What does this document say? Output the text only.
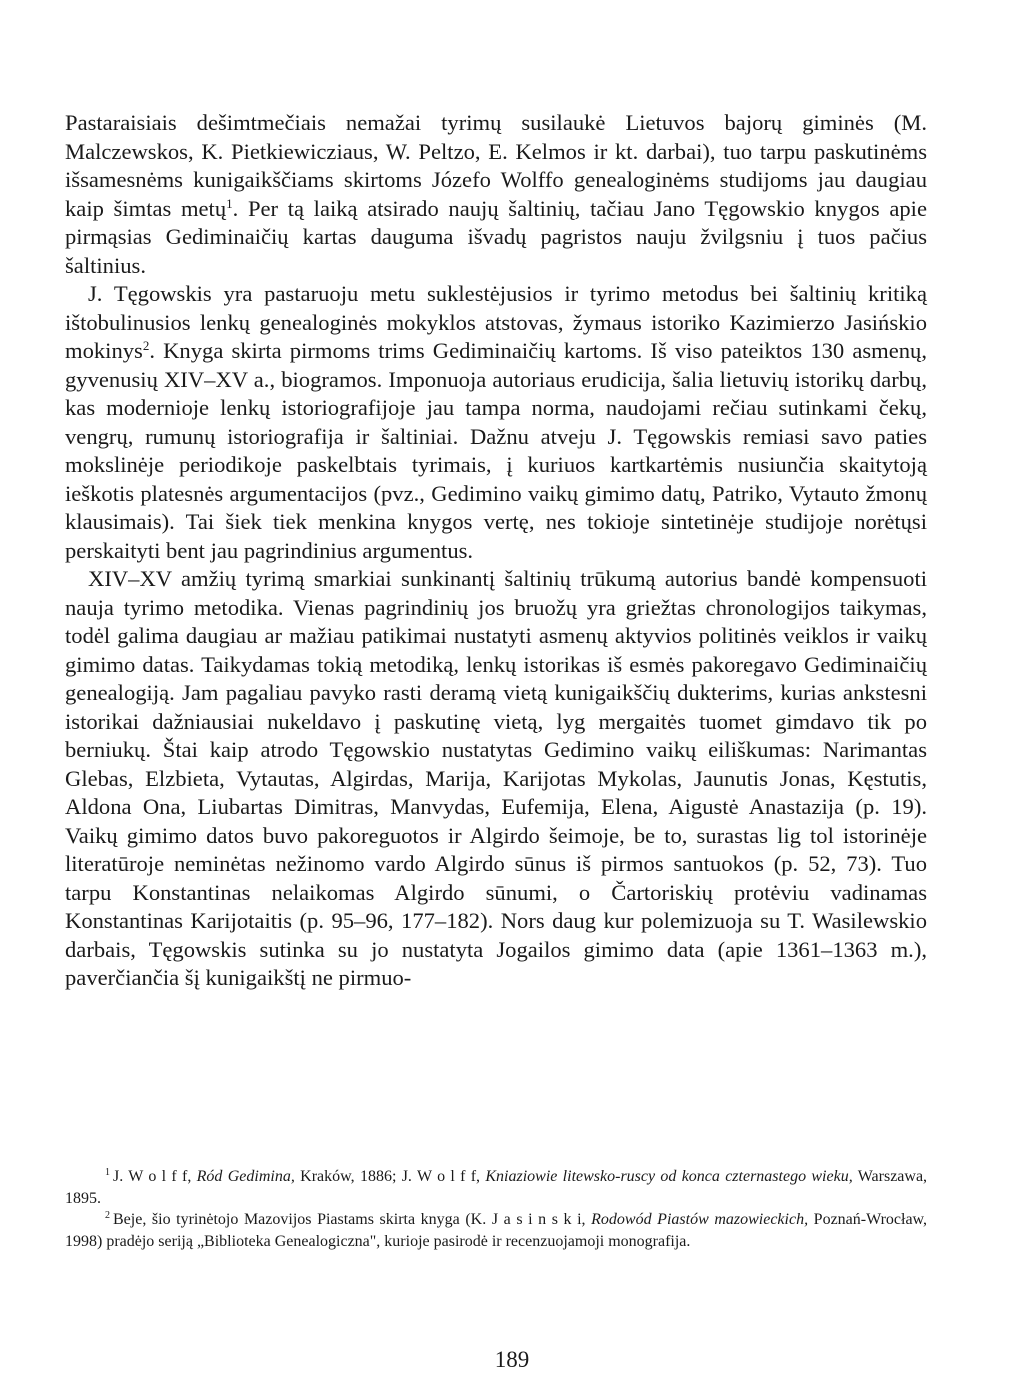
Pastaraisiais dešimtmečiais nemažai tyrimų susilaukė Lietuvos bajorų giminės (M. Malczewskos, K. Pietkiewicziaus, W. Peltzo, E. Kelmos ir kt. darbai), tuo tarpu paskutinėms išsamesnėms kunigaikščiams skirtoms Józefo Wolffo genealoginėms studijoms jau daugiau kaip šimtas metų$^1$. Per tą laiką atsirado naujų šaltinių, tačiau Jano Tęgowskio knygos apie pirmąsias Gediminaičių kartas dauguma išvadų pagristos nauju žvilgsniu į tuos pačius šaltinius.

J. Tęgowskis yra pastaruoju metu suklestėjusios ir tyrimo metodus bei šaltinių kritiką ištobulinusios lenkų genealoginės mokyklos atstovas, žymaus istoriko Kazimierzo Jasińskio mokinys$^2$. Knyga skirta pirmoms trims Gediminaičių kartoms. Iš viso pateiktos 130 asmenų, gyvenusių XIV–XV a., biogramos. Imponuoja autoriaus erudicija, šalia lietuvių istorikų darbų, kas modernioje lenkų istoriografijoje jau tampa norma, naudojami rečiau sutinkami čekų, vengrų, rumunų istoriografija ir šaltiniai. Dažnu atveju J. Tęgowskis remiasi savo paties mokslinėje periodikoje paskelbtais tyrimais, į kuriuos kartkartėmis nusiunčia skaitytoją ieškotis platesnės argumentacijos (pvz., Gedimino vaikų gimimo datų, Patriko, Vytauto žmonų klausimais). Tai šiek tiek menkina knygos vertę, nes tokioje sintetinėje studijoje norėtųsi perskaityti bent jau pagrindinius argumentus.

XIV–XV amžių tyrimą smarkiai sunkinantį šaltinių trūkumą autorius bandė kompensuoti nauja tyrimo metodika. Vienas pagrindinių jos bruožų yra griežtas chronologijos taikymas, todėl galima daugiau ar mažiau patikimai nustatyti asmenų aktyvios politinės veiklos ir vaikų gimimo datas. Taikydamas tokią metodiką, lenkų istorikas iš esmės pakoregavo Gediminaičių genealogiją. Jam pagaliau pavyko rasti deramą vietą kunigaikščių dukterims, kurias ankstesni istorikai dažniausiai nukeldavo į paskutinę vietą, lyg mergaitės tuomet gimdavo tik po berniukų. Štai kaip atrodo Tęgowskio nustatytas Gedimino vaikų eiliškumas: Narimantas Glebas, Elzbieta, Vytautas, Algirdas, Marija, Karijotas Mykolas, Jaunutis Jonas, Kęstutis, Aldona Ona, Liubartas Dimitras, Manvydas, Eufemija, Elena, Aigustė Anastazija (p. 19). Vaikų gimimo datos buvo pakoreguotos ir Algirdo šeimoje, be to, surastas lig tol istorinėje literatūroje neminėtas nežinomo vardo Algirdo sūnus iš pirmos santuokos (p. 52, 73). Tuo tarpu Konstantinas nelaikomas Algirdo sūnumi, o Čartoriskių protėviu vadinamas Konstantinas Karijotaitis (p. 95–96, 177–182). Nors daug kur polemizuoja su T. Wasilewskio darbais, Tęgowskis sutinka su jo nustatyta Jogailos gimimo data (apie 1361–1363 m.), paverčiančia šį kunigaikštį ne pirmuo-

$^1$ J. W o l f f, Ród Gedimina, Kraków, 1886; J. W o l f f, Kniaziowie litewsko-ruscy od konca czternastego wieku, Warszawa, 1895.

$^2$ Beje, šio tyrinėtojo Mazovijos Piastams skirta knyga (K. J a s i n s k i, Rodowód Piastów mazowieckich, Poznań-Wrocław, 1998) pradėjo seriją „Biblioteka Genealogiczna", kurioje pasirodė ir recenzuojamoji monografija.

189
